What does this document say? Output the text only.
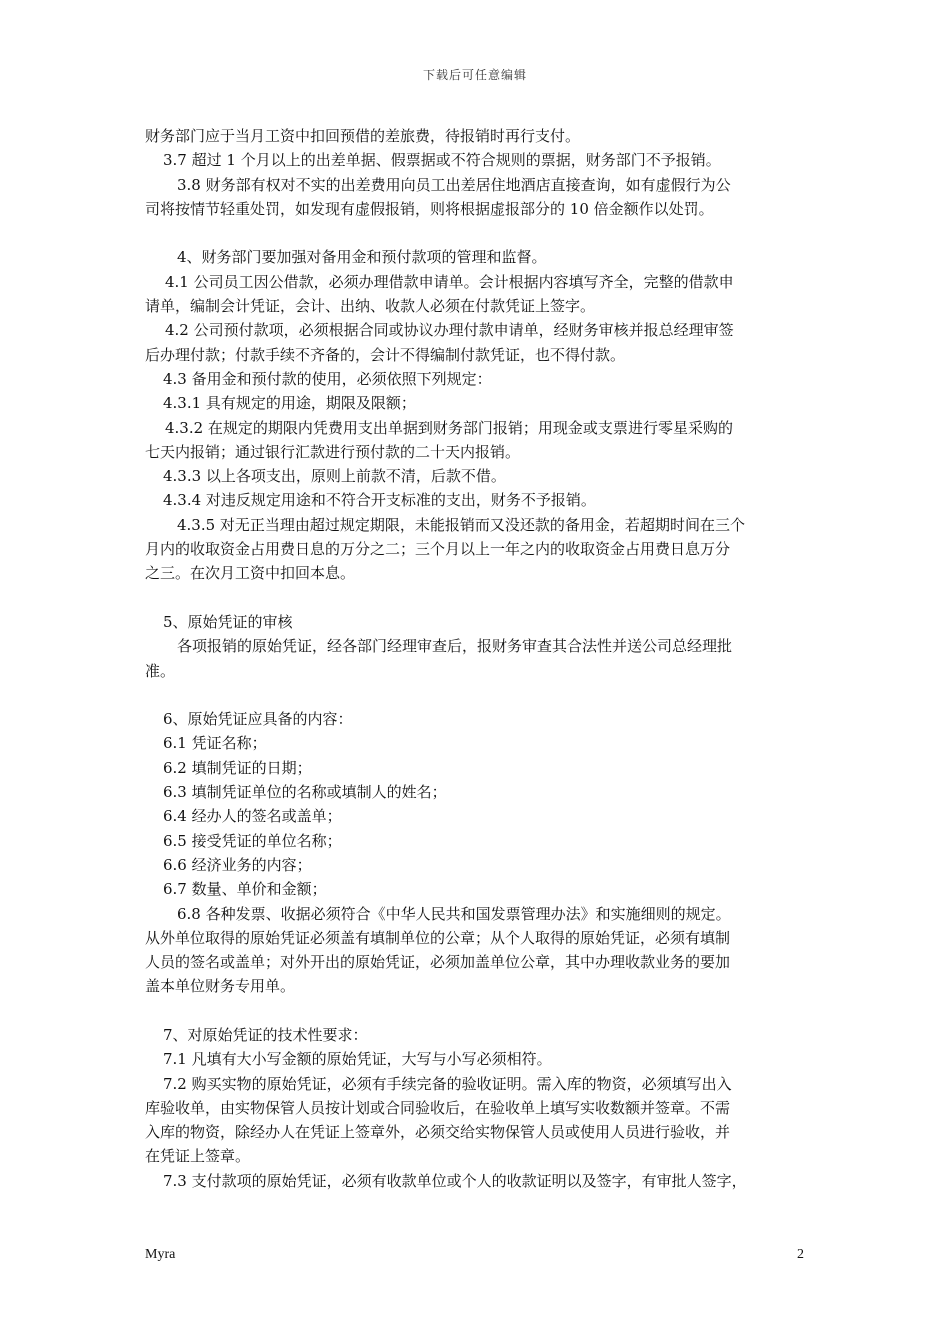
下载后可任意编辑
财务部门应于当月工资中扣回预借的差旅费，待报销时再行支付。
3.7 超过 1 个月以上的出差单据、假票据或不符合规则的票据，财务部门不予报销。
3.8 财务部有权对不实的出差费用向员工出差居住地酒店直接查询，如有虚假行为公
司将按情节轻重处罚，如发现有虚假报销，则将根据虚报部分的 10 倍金额作以处罚。
4、财务部门要加强对备用金和预付款项的管理和监督。
4.1 公司员工因公借款，必须办理借款申请单。会计根据内容填写齐全，完整的借款申
请单，编制会计凭证，会计、出纳、收款人必须在付款凭证上签字。
4.2 公司预付款项，必须根据合同或协议办理付款申请单，经财务审核并报总经理审签
后办理付款；付款手续不齐备的，会计不得编制付款凭证，也不得付款。
4.3 备用金和预付款的使用，必须依照下列规定：
4.3.1 具有规定的用途，期限及限额；
4.3.2 在规定的期限内凭费用支出单据到财务部门报销；用现金或支票进行零星采购的
七天内报销；通过银行汇款进行预付款的二十天内报销。
4.3.3 以上各项支出，原则上前款不清，后款不借。
4.3.4 对违反规定用途和不符合开支标准的支出，财务不予报销。
4.3.5 对无正当理由超过规定期限，未能报销而又没还款的备用金，若超期时间在三个
月内的收取资金占用费日息的万分之二；三个月以上一年之内的收取资金占用费日息万分
之三。在次月工资中扣回本息。
5、原始凭证的审核
各项报销的原始凭证，经各部门经理审查后，报财务审查其合法性并送公司总经理批
准。
6、原始凭证应具备的内容：
6.1 凭证名称；
6.2 填制凭证的日期；
6.3 填制凭证单位的名称或填制人的姓名；
6.4 经办人的签名或盖单；
6.5 接受凭证的单位名称；
6.6 经济业务的内容；
6.7 数量、单价和金额；
6.8 各种发票、收据必须符合《中华人民共和国发票管理办法》和实施细则的规定。
从外单位取得的原始凭证必须盖有填制单位的公章；从个人取得的原始凭证，必须有填制
人员的签名或盖单；对外开出的原始凭证，必须加盖单位公章，其中办理收款业务的要加
盖本单位财务专用单。
7、对原始凭证的技术性要求：
7.1 凡填有大小写金额的原始凭证，大写与小写必须相符。
7.2 购买实物的原始凭证，必须有手续完备的验收证明。需入库的物资，必须填写出入
库验收单，由实物保管人员按计划或合同验收后，在验收单上填写实收数额并签章。不需
入库的物资，除经办人在凭证上签章外，必须交给实物保管人员或使用人员进行验收，并
在凭证上签章。
7.3 支付款项的原始凭证，必须有收款单位或个人的收款证明以及签字，有审批人签字，
Myra	2
